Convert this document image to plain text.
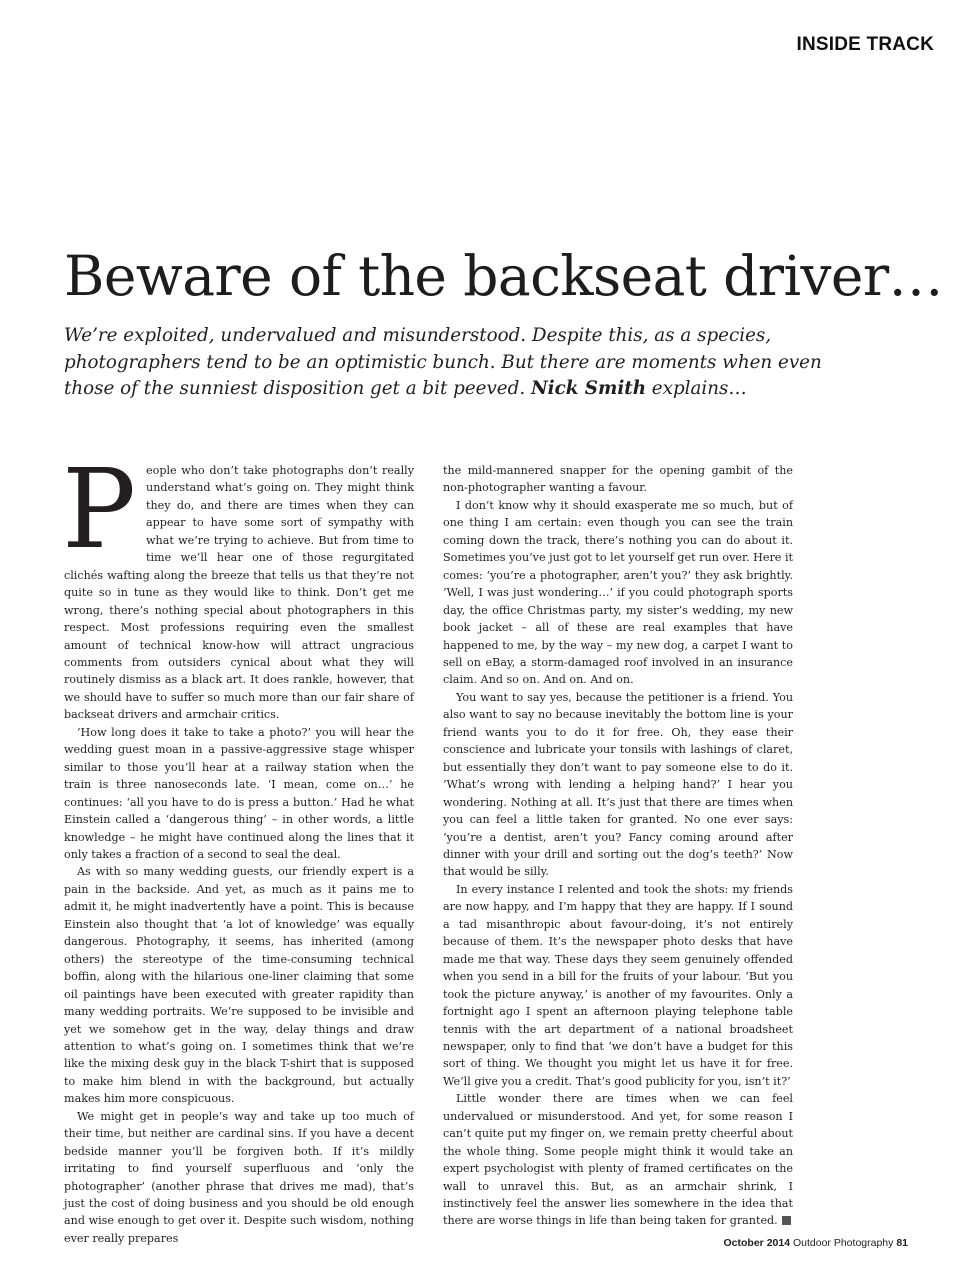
INSIDE TRACK
Beware of the backseat driver…

We’re exploited, undervalued and misunderstood. Despite this, as a species, photographers tend to be an optimistic bunch. But there are moments when even those of the sunniest disposition get a bit peeved. Nick Smith explains…

People who don’t take photographs don’t really understand what’s going on. They might think they do, and there are times when they can appear to have some sort of sympathy with what we’re trying to achieve. But from time to time we’ll hear one of those regurgitated clichés wafting along the breeze that tells us that they’re not quite so in tune as they would like to think. Don’t get me wrong, there’s nothing special about photographers in this respect. Most professions requiring even the smallest amount of technical know-how will attract ungracious comments from outsiders cynical about what they will routinely dismiss as a black art. It does rankle, however, that we should have to suffer so much more than our fair share of backseat drivers and armchair critics.

‘How long does it take to take a photo?’ you will hear the wedding guest moan in a passive-aggressive stage whisper similar to those you’ll hear at a railway station when the train is three nanoseconds late. ‘I mean, come on…’ he continues: ‘all you have to do is press a button.’ Had he what Einstein called a ‘dangerous thing’ – in other words, a little knowledge – he might have continued along the lines that it only takes a fraction of a second to seal the deal.

As with so many wedding guests, our friendly expert is a pain in the backside. And yet, as much as it pains me to admit it, he might inadvertently have a point. This is because Einstein also thought that ‘a lot of knowledge’ was equally dangerous. Photography, it seems, has inherited (among others) the stereotype of the time-consuming technical boffin, along with the hilarious one-liner claiming that some oil paintings have been executed with greater rapidity than many wedding portraits. We’re supposed to be invisible and yet we somehow get in the way, delay things and draw attention to what’s going on. I sometimes think that we’re like the mixing desk guy in the black T-shirt that is supposed to make him blend in with the background, but actually makes him more conspicuous.

We might get in people’s way and take up too much of their time, but neither are cardinal sins. If you have a decent bedside manner you’ll be forgiven both. If it’s mildly irritating to find yourself superfluous and ‘only the photographer’ (another phrase that drives me mad), that’s just the cost of doing business and you should be old enough and wise enough to get over it. Despite such wisdom, nothing ever really prepares

the mild-mannered snapper for the opening gambit of the non-photographer wanting a favour.

I don’t know why it should exasperate me so much, but of one thing I am certain: even though you can see the train coming down the track, there’s nothing you can do about it. Sometimes you’ve just got to let yourself get run over. Here it comes: ‘you’re a photographer, aren’t you?’ they ask brightly. ‘Well, I was just wondering…’ if you could photograph sports day, the office Christmas party, my sister’s wedding, my new book jacket – all of these are real examples that have happened to me, by the way – my new dog, a carpet I want to sell on eBay, a storm-damaged roof involved in an insurance claim. And so on. And on. And on.

You want to say yes, because the petitioner is a friend. You also want to say no because inevitably the bottom line is your friend wants you to do it for free. Oh, they ease their conscience and lubricate your tonsils with lashings of claret, but essentially they don’t want to pay someone else to do it. ‘What’s wrong with lending a helping hand?’ I hear you wondering. Nothing at all. It’s just that there are times when you can feel a little taken for granted. No one ever says: ‘you’re a dentist, aren’t you? Fancy coming around after dinner with your drill and sorting out the dog’s teeth?’ Now that would be silly.

In every instance I relented and took the shots: my friends are now happy, and I’m happy that they are happy. If I sound a tad misanthropic about favour-doing, it’s not entirely because of them. It’s the newspaper photo desks that have made me that way. These days they seem genuinely offended when you send in a bill for the fruits of your labour. ‘But you took the picture anyway,’ is another of my favourites. Only a fortnight ago I spent an afternoon playing telephone table tennis with the art department of a national broadsheet newspaper, only to find that ‘we don’t have a budget for this sort of thing. We thought you might let us have it for free. We’ll give you a credit. That’s good publicity for you, isn’t it?’

Little wonder there are times when we can feel undervalued or misunderstood. And yet, for some reason I can’t quite put my finger on, we remain pretty cheerful about the whole thing. Some people might think it would take an expert psychologist with plenty of framed certificates on the wall to unravel this. But, as an armchair shrink, I instinctively feel the answer lies somewhere in the idea that there are worse things in life than being taken for granted.

October 2014 Outdoor Photography 81
